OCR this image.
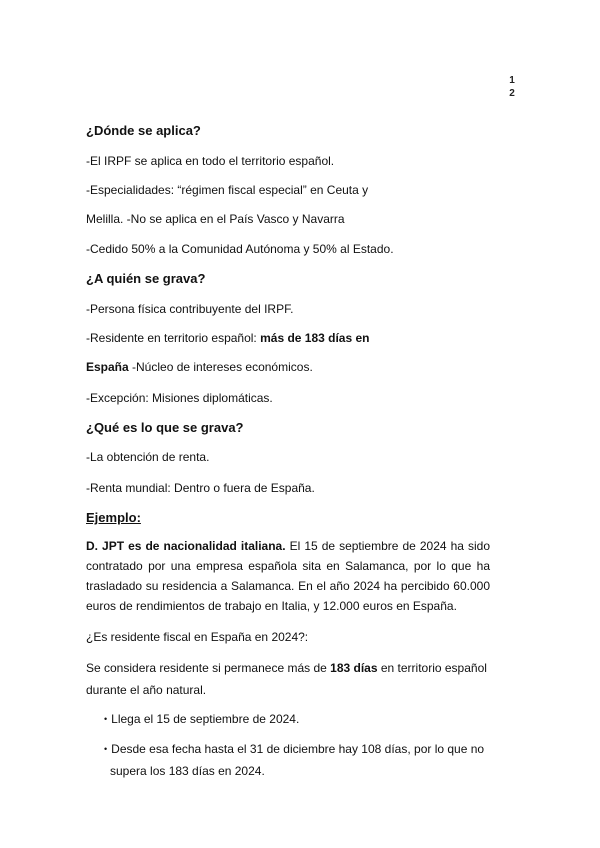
1
2
¿Dónde se aplica?
-El IRPF se aplica en todo el territorio español.
-Especialidades: “régimen fiscal especial” en Ceuta y
Melilla. -No se aplica en el País Vasco y Navarra
-Cedido 50% a la Comunidad Autónoma y 50% al Estado.
¿A quién se grava?
-Persona física contribuyente del IRPF.
-Residente en territorio español: más de 183 días en
España -Núcleo de intereses económicos.
-Excepción: Misiones diplomáticas.
¿Qué es lo que se grava?
-La obtención de renta.
-Renta mundial: Dentro o fuera de España.
Ejemplo:
D. JPT es de nacionalidad italiana. El 15 de septiembre de 2024 ha sido contratado por una empresa española sita en Salamanca, por lo que ha trasladado su residencia a Salamanca. En el año 2024 ha percibido 60.000 euros de rendimientos de trabajo en Italia, y 12.000 euros en España.
¿Es residente fiscal en España en 2024?:
Se considera residente si permanece más de 183 días en territorio español
durante el año natural.
• Llega el 15 de septiembre de 2024.
• Desde esa fecha hasta el 31 de diciembre hay 108 días, por lo que no
supera los 183 días en 2024.
